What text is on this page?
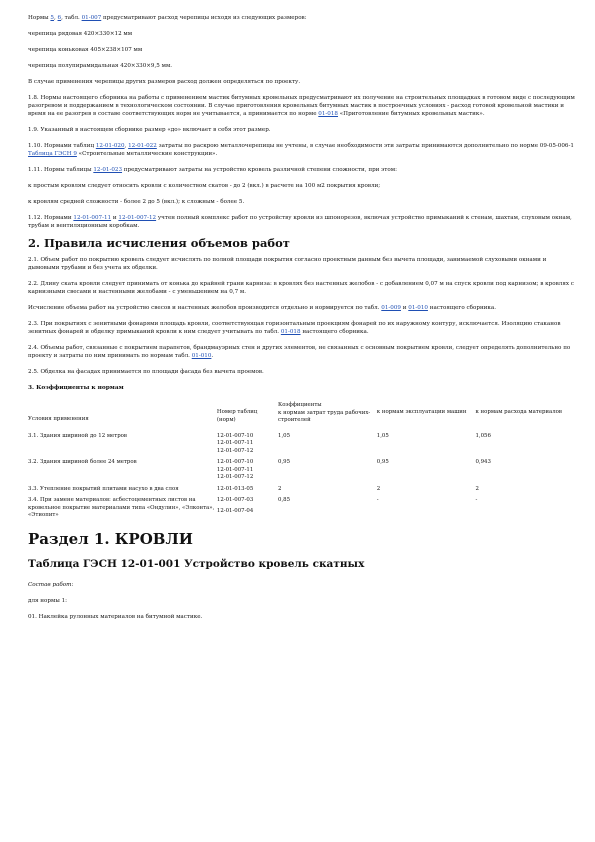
Нормы 5, 6, табл. 01-007 предусматривают расход черепицы исходя из следующих размеров:

черепица рядовая 420×330×12 мм

черепица коньковая 405×238×107 мм

черепица полупирамидальная 420×330×9,5 мм.

В случае применения черепицы других размеров расход должен определяться по проекту.

1.8. Нормы настоящего сборника на работы с применением мастик битумных кровельных предусматривают их получение на строительных площадках в готовом виде с последующим разогревом и поддержанием в технологическом состоянии. В случае приготовления кровельных битумных мастик в построечных условиях - расход готовой кровельной мастики и время на ее разогрев в составе соответствующих норм не учитывается, а принимается по норме 01-018 «Приготовление битумных кровельных мастик».

1.9. Указанный в настоящем сборнике размер «до» включает в себя этот размер.

1.10. Нормами таблиц 12-01-020, 12-01-022 затраты по раскрою металлочерепицы не учтены, в случае необходимости эти затраты принимаются дополнительно по норме 09-05-006-1 Таблица ГЭСН 9 «Строительные металлические конструкции».

1.11. Нормы таблицы 12-01-023 предусматривают затраты на устройство кровель различной степени сложности, при этом:

к простым кровлям следует относить кровли с количеством скатов - до 2 (вкл.) в расчете на 100 м2 покрытия кровли;

к кровлям средней сложности - более 2 до 5 (вкл.); к сложным - более 5.

1.12. Нормами 12-01-007-11 и 12-01-007-12 учтен полный комплекс работ по устройству кровли из шпонорезов, включая устройство примыканий к стенам, шахтам, слуховым окнам, трубам и вентиляционным коробкам.

2. Правила исчисления объемов работ

2.1. Объем работ по покрытию кровель следует исчислять по полной площади покрытия согласно проектным данным без вычета площади, занимаемой слуховыми окнами и дымовыми трубами и без учета их обделки.

2.2. Длину ската кровли следует принимать от конька до крайней грани карниза: в кровлях без настенных желобов - с добавлением 0,07 м на спуск кровли под карнизом; в кровлях с карнизными свесами и настенными желобами - с уменьшением на 0,7 м.

Исчисление объема работ на устройство свесов и настенных желобов производится отдельно и нормируется по табл. 01-009 и 01-010 настоящего сборника.

2.3. При покрытиях с зенитными фонарями площадь кровли, соответствующая горизонтальным проекциям фонарей по их наружному контуру, исключается. Изоляцию стаканов зенитных фонарей и обделку примыканий кровли к ним следует учитывать по табл. 01-018 настоящего сборника.

2.4. Объемы работ, связанные с покрытием парапетов, брандмауэрных стен и других элементов, не связанных с основным покрытием кровли, следует определять дополнительно по проекту и затраты по ним принимать по нормам табл. 01-010.

2.5. Обделка на фасадах принимается по площади фасада без вычета проемов.

3. Коэффициенты к нормам
Условия применения	Номер таблиц (норм)	Коэффициенты
к нормам затрат труда рабочих-строителей	к нормам эксплуатации машин	к нормам расхода материалов

3.1. Здания шириной до 12 метров	12-01-007-10
12-01-007-11
12-01-007-12	1,05	1,05	1,056

3.2. Здания шириной более 24 метров	12-01-007-10
12-01-007-11
12-01-007-12	0,95	0,95	0,943

3.3. Утепление покрытий плитами насухо в два слоя	12-01-013-05	2	2	2

3.4. При замене материалов: асбестоцементных листов на кровельное покрытие материалами типа «Ондулин», «Элконта», «Этиопит»	12-01-007-03
12-01-007-04	0,85	-	-
Раздел 1. КРОВЛИ
Таблица ГЭСН 12-01-001 Устройство кровель скатных

Состав работ:

для нормы 1:

01. Наклейка рулонных материалов на битумной мастике.
